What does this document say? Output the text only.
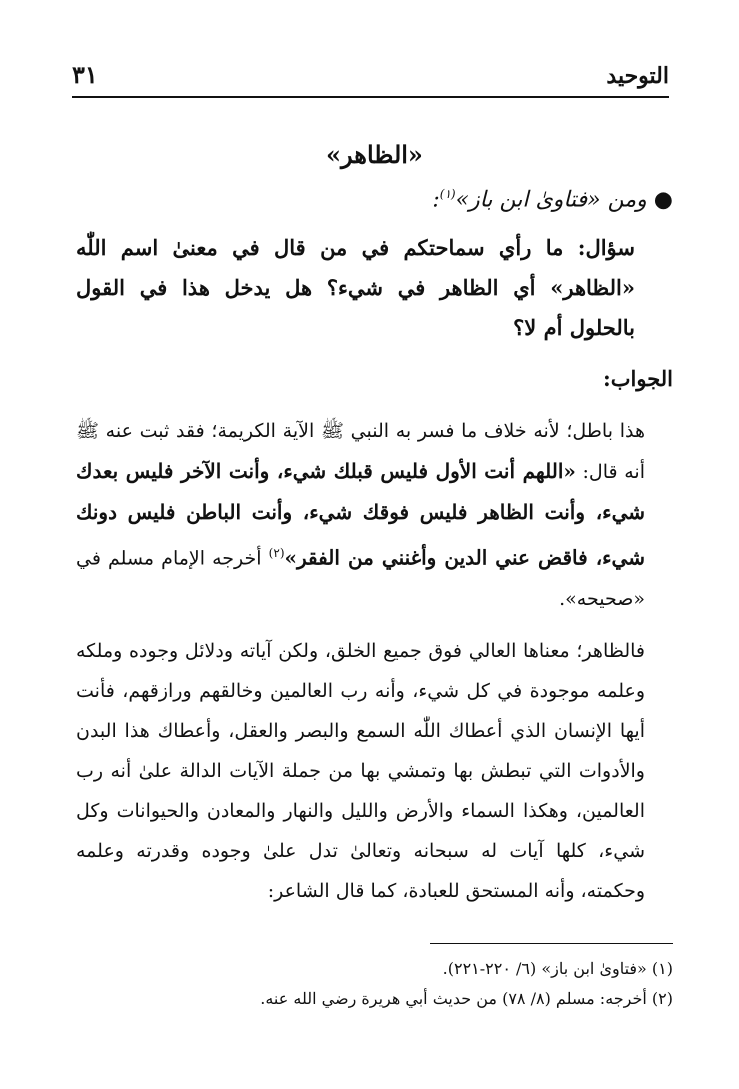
٣١	التوحيد
«الظاهر»
● ومن «فتاوىٰ ابن باز»$^{(١)}$:
سؤال: ما رأي سماحتكم في من قال في معنىٰ اسم اللّٰه «الظاهر» أي الظاهر في شيء؟ هل يدخل هذا في القول بالحلول أم لا؟
الجواب:
هذا باطل؛ لأنه خلاف ما فسر به النبي ﷺ الآية الكريمة؛ فقد ثبت عنه ﷺ أنه قال: «اللهم أنت الأول فليس قبلك شيء، وأنت الآخر فليس بعدك شيء، وأنت الظاهر فليس فوقك شيء، وأنت الباطن فليس دونك شيء، فاقض عني الدين وأغنني من الفقر»$^{(٢)}$ أخرجه الإمام مسلم في «صحيحه».
فالظاهر؛ معناها العالي فوق جميع الخلق، ولكن آياته ودلائل وجوده وملكه وعلمه موجودة في كل شيء، وأنه رب العالمين وخالقهم ورازقهم، فأنت أيها الإنسان الذي أعطاك اللّٰه السمع والبصر والعقل، وأعطاك هذا البدن والأدوات التي تبطش بها وتمشي بها من جملة الآيات الدالة علىٰ أنه رب العالمين، وهكذا السماء والأرض والليل والنهار والمعادن والحيوانات وكل شيء، كلها آيات له سبحانه وتعالىٰ تدل علىٰ وجوده وقدرته وعلمه وحكمته، وأنه المستحق للعبادة، كما قال الشاعر:

(١) «فتاوىٰ ابن باز» (٦/ ٢٢٠-٢٢١).

(٢) أخرجه: مسلم (٨/ ٧٨) من حديث أبي هريرة رضي الله عنه.
